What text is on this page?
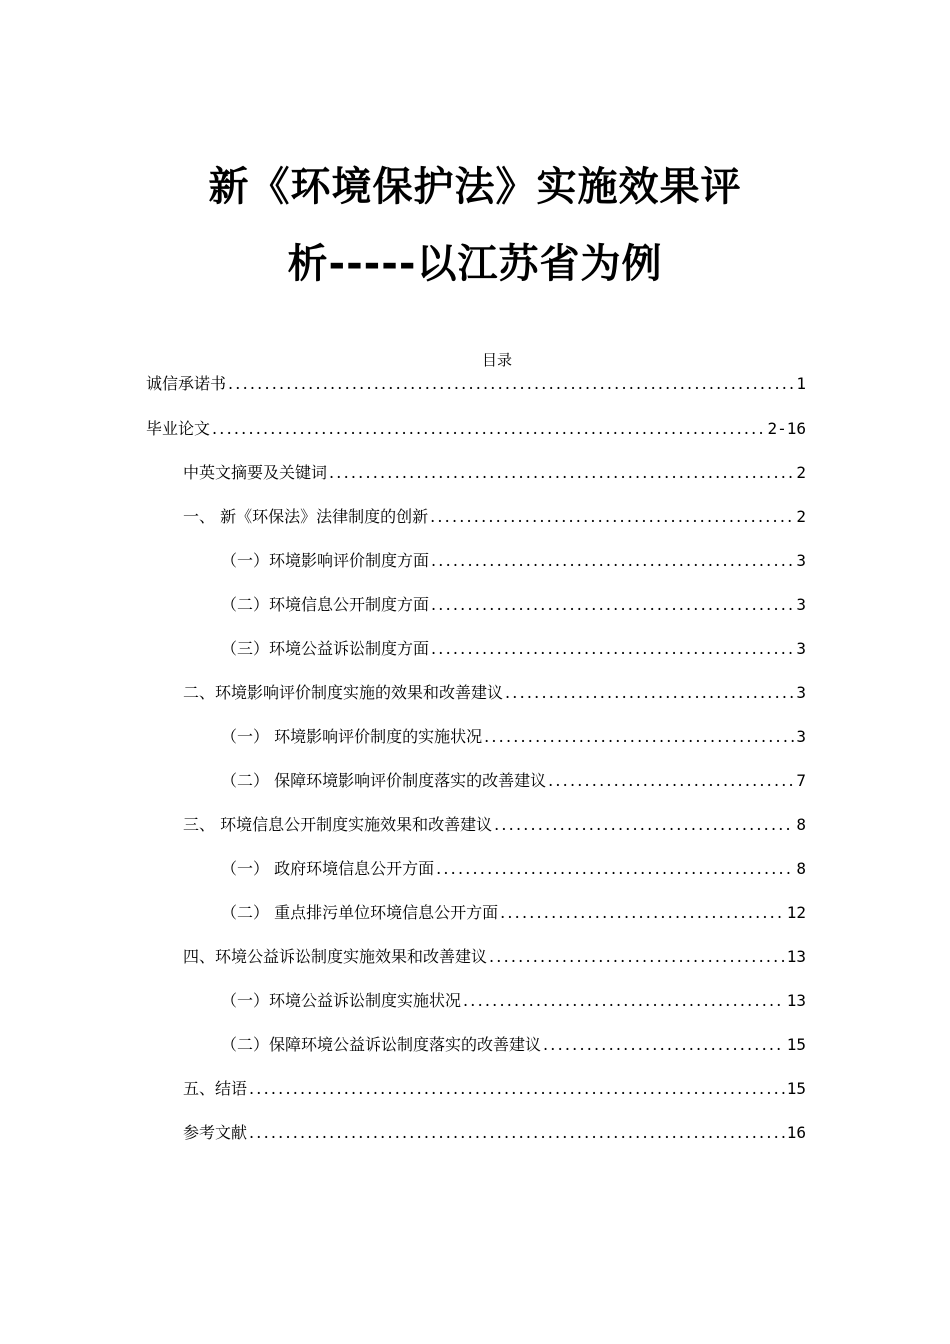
新《环境保护法》实施效果评
析-----以江苏省为例
目录
诚信承诺书 .....	1
毕业论文 .....	2-16
中英文摘要及关键词 .....	2
一、 新《环保法》法律制度的创新 .....	2
（一）环境影响评价制度方面 .....	3
（二）环境信息公开制度方面 .....	3
（三）环境公益诉讼制度方面 .....	3
二、环境影响评价制度实施的效果和改善建议 .....	3
（一） 环境影响评价制度的实施状况 .....	3
（二） 保障环境影响评价制度落实的改善建议 .....	7
三、 环境信息公开制度实施效果和改善建议 .....	8
（一） 政府环境信息公开方面 .....	8
（二） 重点排污单位环境信息公开方面 .....	12
四、环境公益诉讼制度实施效果和改善建议 .....	13
（一）环境公益诉讼制度实施状况 .....	13
（二）保障环境公益诉讼制度落实的改善建议 .....	15
五、结语 .....	15
参考文献 .....	16
